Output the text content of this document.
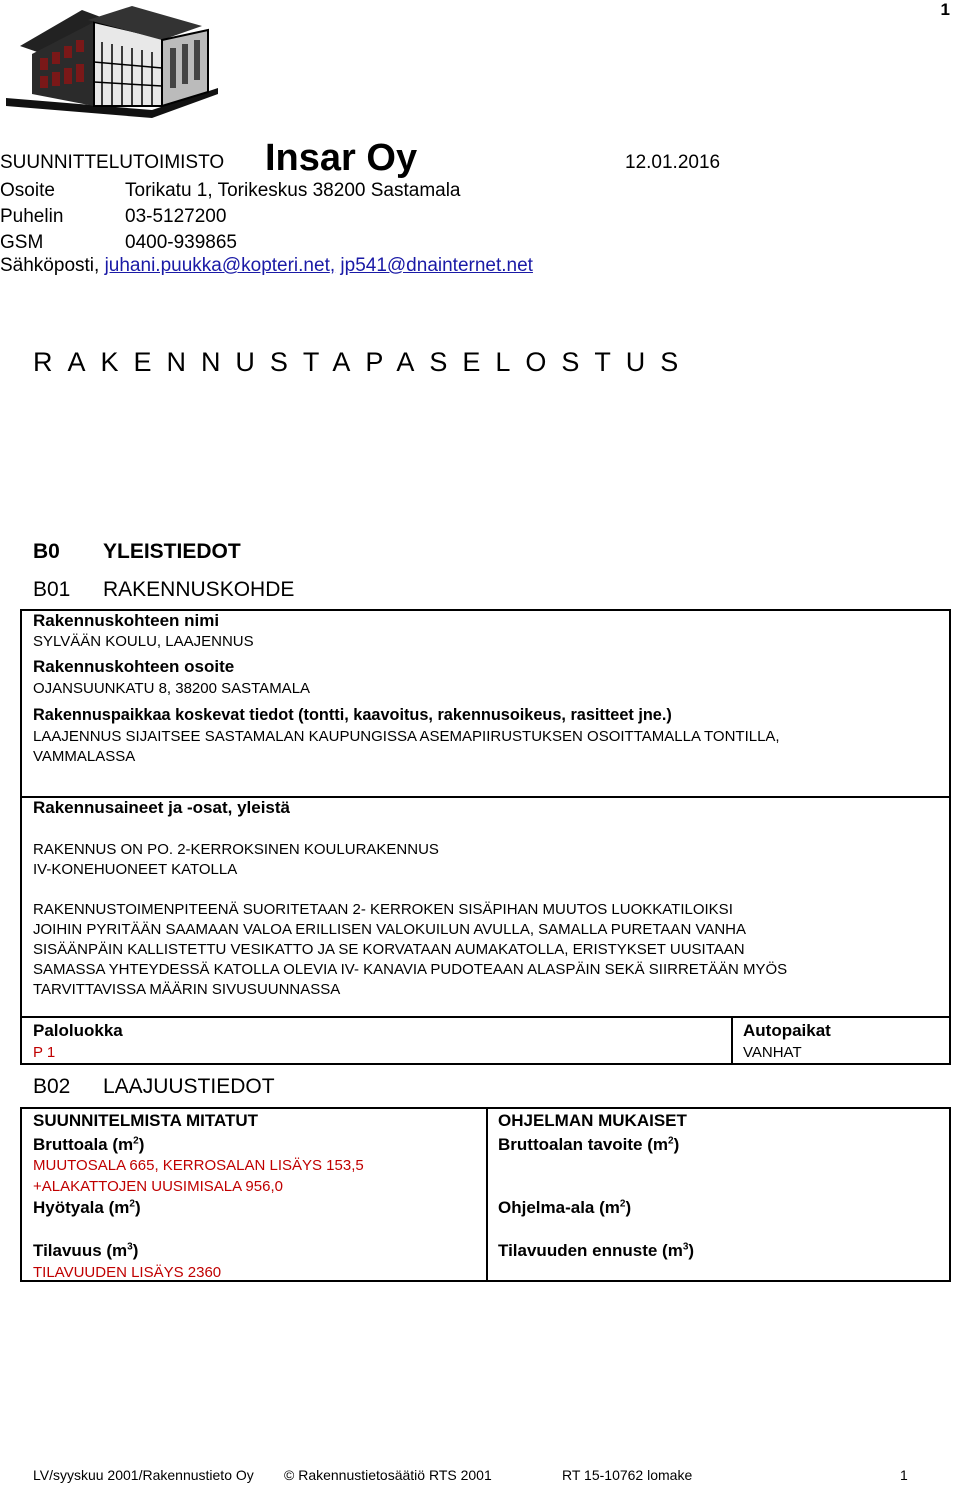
1
SUUNNITTELUTOIMISTO Insar Oy	12.01.2016
Osoite	Torikatu 1, Torikeskus 38200 Sastamala
Puhelin	03-5127200
GSM	0400-939865
Sähköposti, juhani.puukka@kopteri.net, jp541@dnainternet.net
RAKENNUSTAPASELOSTUS
B0 YLEISTIEDOT
B01 RAKENNUSKOHDE
Rakennuskohteen nimi
SYLVÄÄN KOULU, LAAJENNUS
Rakennuskohteen osoite
OJANSUUNKATU 8, 38200 SASTAMALA
Rakennuspaikkaa koskevat tiedot (tontti, kaavoitus, rakennusoikeus, rasitteet jne.)
LAAJENNUS SIJAITSEE SASTAMALAN KAUPUNGISSA ASEMAPIIRUSTUKSEN OSOITTAMALLA TONTILLA,
VAMMALASSA
Rakennusaineet ja -osat, yleistä
RAKENNUS ON PO. 2-KERROKSINEN KOULURAKENNUS
IV-KONEHUONEET KATOLLA
RAKENNUSTOIMENPITEENÄ SUORITETAAN 2- KERROKEN SISÄPIHAN MUUTOS LUOKKATILOIKSI
JOIHIN PYRITÄÄN SAAMAAN VALOA ERILLISEN VALOKUILUN AVULLA, SAMALLA PURETAAN VANHA
SISÄÄNPÄIN KALLISTETTU VESIKATTO JA SE KORVATAAN AUMAKATOLLA, ERISTYKSET UUSITAAN
SAMASSA YHTEYDESSÄ KATOLLA OLEVIA IV- KANAVIA PUDOTEAAN ALASPÄIN SEKÄ SIIRRETÄÄN MYÖS
TARVITTAVISSA MÄÄRIN SIVUSUUNNASSA
Paloluokka
P 1
Autopaikat
VANHAT
B02 LAAJUUSTIEDOT
SUUNNITELMISTA MITATUT	OHJELMAN MUKAISET
Bruttoala $(m^2)$	Bruttoalan tavoite $(m^2)$
MUUTOSALA 665, KERROSALAN LISÄYS 153,5
+ALAKATTOJEN UUSIMISALA 956,0
Hyötyala $(m^2)$	Ohjelma-ala $(m^2)$
Tilavuus $(m^3)$	Tilavuuden ennuste $(m^3)$
TILAVUUDEN LISÄYS 2360
LV/syyskuu 2001/Rakennustieto Oy © Rakennustietosäätiö RTS 2001	RT 15-10762 lomake	1
